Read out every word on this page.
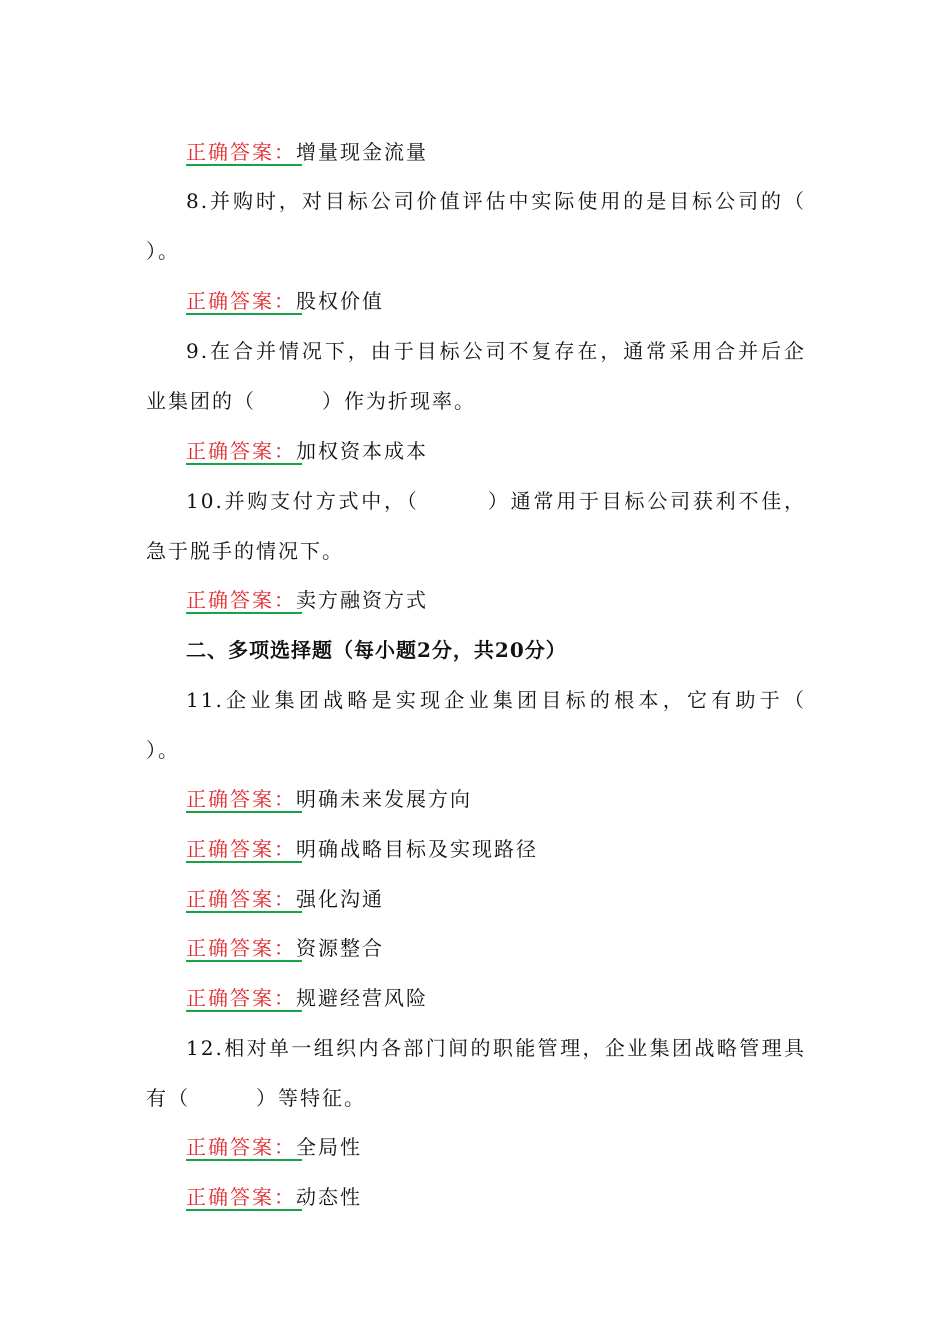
正确答案：增量现金流量
8.并购时，对目标公司价值评估中实际使用的是目标公司的（
）。
正确答案：股权价值
9.在合并情况下，由于目标公司不复存在，通常采用合并后企
业集团的（　　　）作为折现率。
正确答案：加权资本成本
10.并购支付方式中，（　　　）通常用于目标公司获利不佳，
急于脱手的情况下。
正确答案：卖方融资方式
二、多项选择题（每小题2分，共20分）
11.企业集团战略是实现企业集团目标的根本，它有助于（
）。
正确答案：明确未来发展方向
正确答案：明确战略目标及实现路径
正确答案：强化沟通
正确答案：资源整合
正确答案：规避经营风险
12.相对单一组织内各部门间的职能管理，企业集团战略管理具
有（　　　）等特征。
正确答案：全局性
正确答案：动态性
